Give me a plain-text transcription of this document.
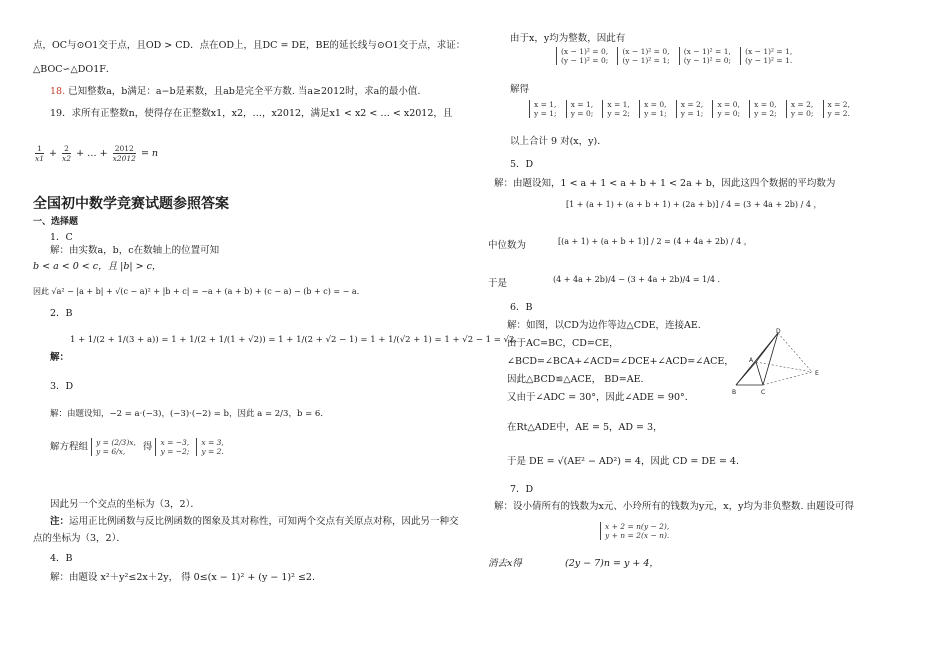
点，OC与⊙O1交于点，且OD > CD．点在OD上，且DC = DE，BE的延长线与⊙O1交于点，求证：
△BOC∽△DO1F．
18. 已知整数a，b满足：a−b是素数，且ab是完全平方数. 当a≥2012时，求a的最小值.
19．求所有正整数n，使得存在正整数x1，x2，…，x2012，满足x1 < x2 < … < x2012，且
$\frac{1}{x1} + \frac{2}{x2}$ + … + $\frac{2012}{x2012} = n$
全国初中数学竞赛试题参照答案
一、选择题
1．C
解：由实数a，b，c在数轴上的位置可知
b < a < 0 < c，且 |b| > c，
因此 √a² − |a + b| + √(c − a)² + |b + c| = −a + (a + b) + (c − a) − (b + c) = − a．
2．B
解：
1 + 1/(2 + 1/(3 + a)) = 1 + 1/(2 + 1/(1 + √2)) = 1 + 1/(2 + √2 − 1) = 1 + 1/(√2 + 1) = 1 + √2 − 1 = √2．
3．D
解：由题设知，−2 = a·(−3)，(−3)·(−2) = b，因此 a = 2/3，b = 6．
解方程组 y = (2/3)x,
y = 6/x,	得 x = −3,
y = −2;

x = 3,
y = 2.
因此另一个交点的坐标为（3，2）．
注：运用正比例函数与反比例函数的图象及其对称性，可知两个交点有关原点对称，因此另一种交
点的坐标为（3，2）．
4．B
解：由题设 x²＋y²≤2x＋2y， 得 0≤(x − 1)² + (y − 1)² ≤2.
由于x，y均为整数，因此有
(x − 1)² = 0,
(y − 1)² = 0;

(x − 1)² = 0,
(y − 1)² = 1;

(x − 1)² = 1,
(y − 1)² = 0;

(x − 1)² = 1,
(y − 1)² = 1.
解得
x = 1,
y = 1;

x = 1,
y = 0;

x = 1,
y = 2;

x = 0,
y = 1;

x = 2,
y = 1;

x = 0,
y = 0;

x = 0,
y = 2;

x = 2,
y = 0;

x = 2,
y = 2.
以上合计 9 对(x，y)．
5．D
解：由题设知，1 < a + 1 < a + b + 1 < 2a + b，因此这四个数据的平均数为
[1 + (a + 1) + (a + b + 1) + (2a + b)] / 4 = (3 + 4a + 2b) / 4 ，
中位数为	[(a + 1) + (a + b + 1)] / 2 = (4 + 4a + 2b) / 4 ，
于是	(4 + 4a + 2b)/4 − (3 + 4a + 2b)/4 = 1/4 ．
6．B
解：如图，以CD为边作等边△CDE，连接AE.
由于AC=BC，CD=CE，
∠BCD=∠BCA+∠ACD=∠DCE+∠ACD=∠ACE，
因此△BCD≌△ACE， BD=AE.
又由于∠ADC = 30°，因此∠ADE = 90°．
在Rt△ADE中，AE = 5，AD = 3，
于是 DE = √(AE² − AD²) = 4，因此 CD = DE = 4.
A
B	C
D
E
7．D
解：设小倩所有的钱数为x元、小玲所有的钱数为y元，x，y均为非负整数. 由题设可得
x + 2 = n(y − 2),
y + n = 2(x − n).
消去x得	(2y − 7)n = y + 4，
